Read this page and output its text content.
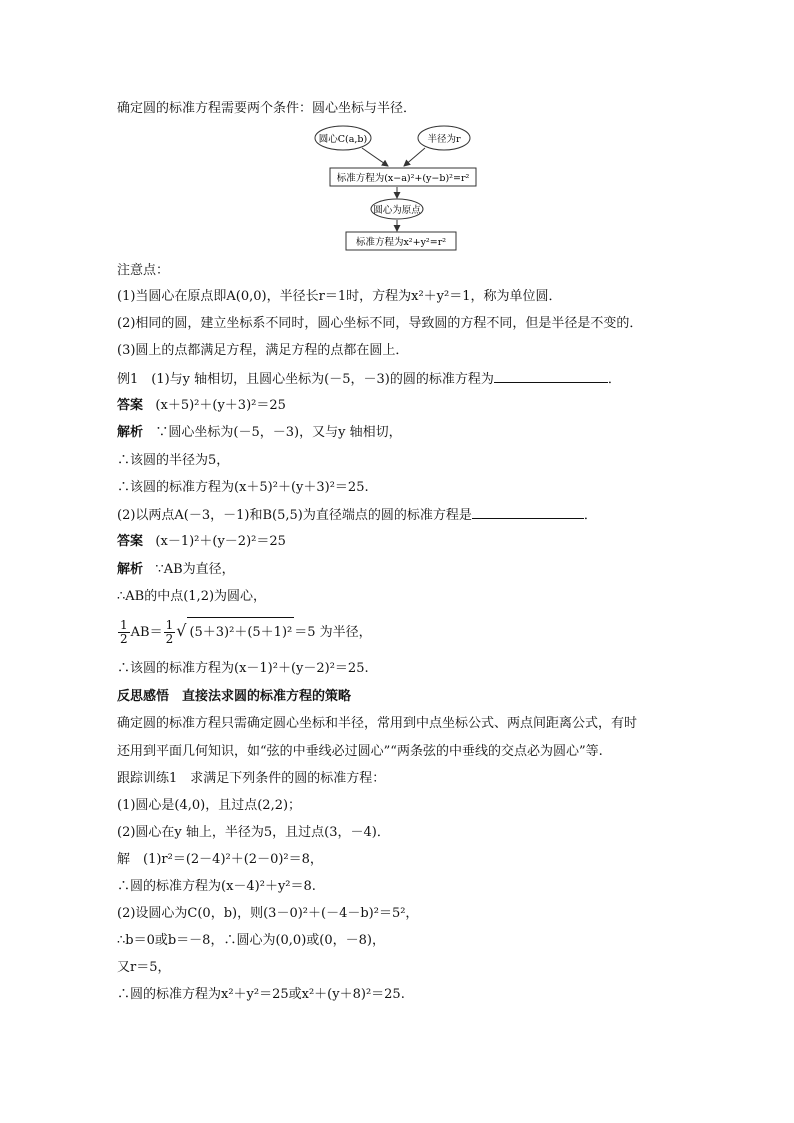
确定圆的标准方程需要两个条件：圆心坐标与半径．
圆心C(a,b)	半径为r
标准方程为(x−a)²+(y−b)²=r²
圆心为原点
标准方程为x²+y²=r²
注意点：
(1)当圆心在原点即A(0,0)，半径长r＝1时，方程为x²＋y²＝1，称为单位圆．
(2)相同的圆，建立坐标系不同时，圆心坐标不同，导致圆的方程不同，但是半径是不变的．
(3)圆上的点都满足方程，满足方程的点都在圆上．
例1　(1)与y 轴相切，且圆心坐标为(－5，－3)的圆的标准方程为	．
答案 (x＋5)²＋(y＋3)²＝25
解析 ∵圆心坐标为(－5，－3)，又与y 轴相切，
∴该圆的半径为5，
∴该圆的标准方程为(x＋5)²＋(y＋3)²＝25.
(2)以两点A(－3，－1)和B(5,5)为直径端点的圆的标准方程是	．
答案 (x－1)²＋(y－2)²＝25
解析 ∵AB为直径，
∴AB的中点(1,2)为圆心，
$\frac{1}{2} AB= \frac{1}{2}$ √ (5＋3)²＋(5＋1)² ＝5 为半径，
∴该圆的标准方程为(x－1)²＋(y－2)²＝25.
反思感悟　直接法求圆的标准方程的策略
确定圆的标准方程只需确定圆心坐标和半径，常用到中点坐标公式、两点间距离公式，有时
还用到平面几何知识，如“弦的中垂线必过圆心”“两条弦的中垂线的交点必为圆心”等.
跟踪训练1　求满足下列条件的圆的标准方程：
(1)圆心是(4,0)，且过点(2,2)；
(2)圆心在y 轴上，半径为5，且过点(3，－4)．
解　(1)r²＝(2－4)²＋(2－0)²＝8，
∴圆的标准方程为(x－4)²＋y²＝8.
(2)设圆心为C(0，b)，则(3－0)²＋(－4－b)²＝5²，
∴b＝0或b＝－8，∴圆心为(0,0)或(0，－8)，
又r＝5，
∴圆的标准方程为x²＋y²＝25或x²＋(y＋8)²＝25.
